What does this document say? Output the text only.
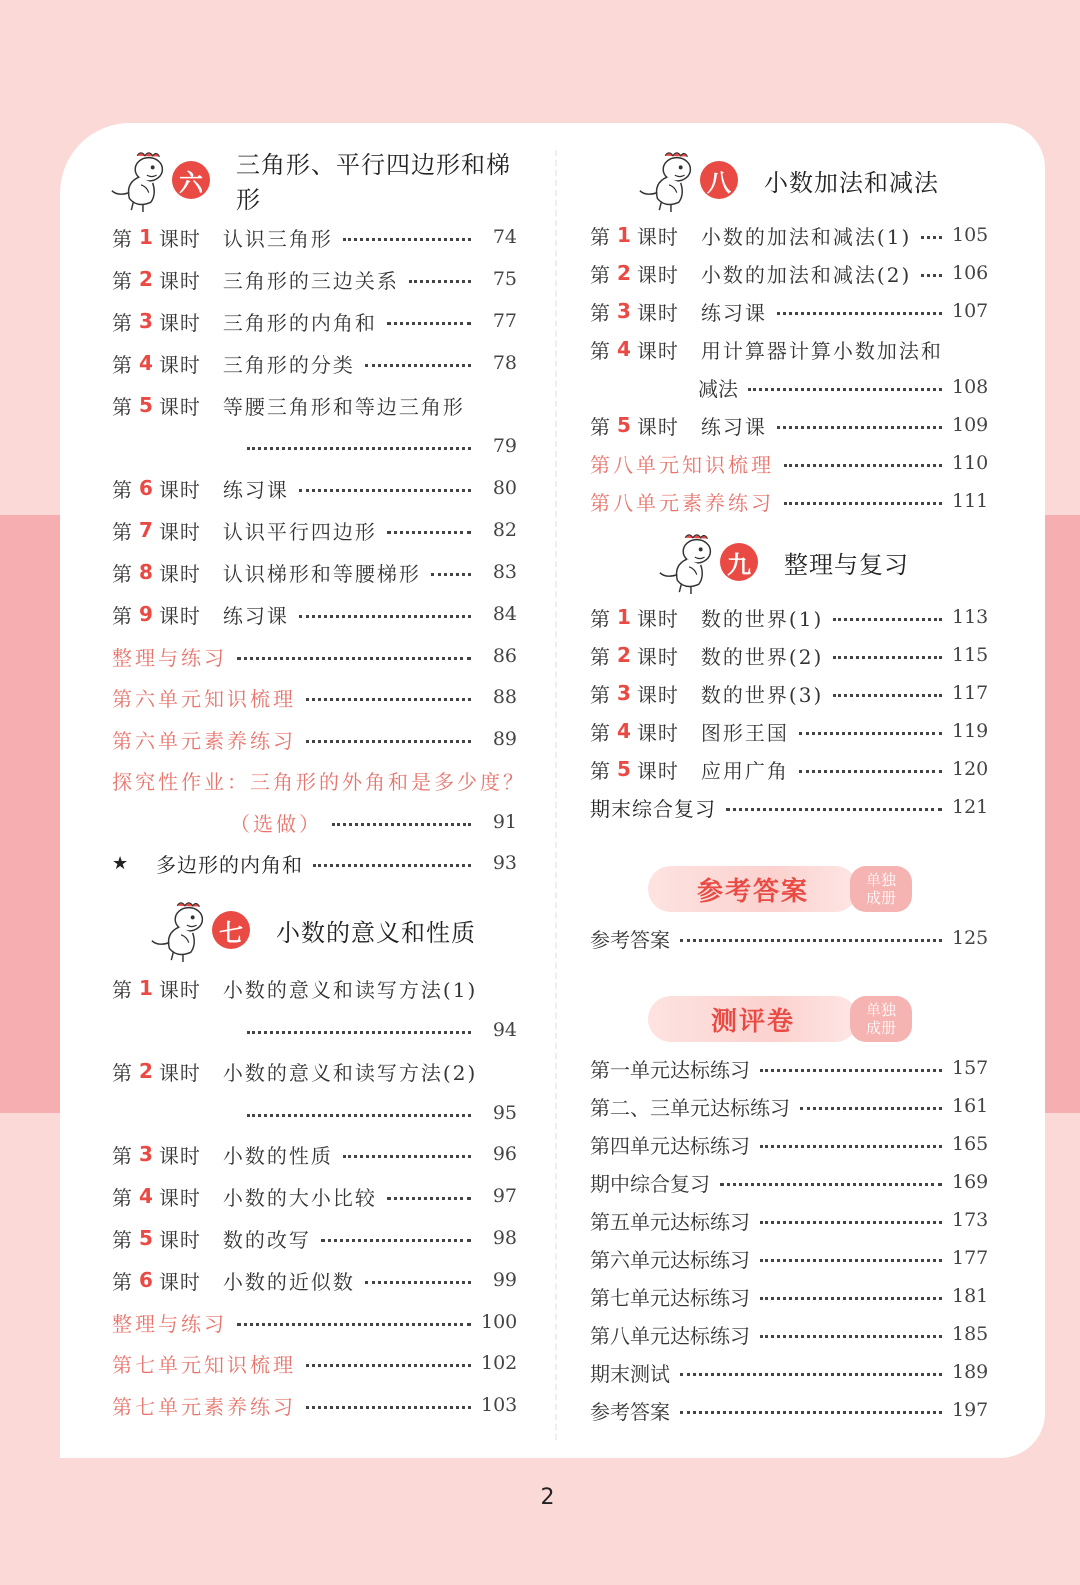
六
三角形、平行四边形和梯形
第 1 课时 认识三角形	74
第 2 课时 三角形的三边关系	75
第 3 课时 三角形的内角和	77
第 4 课时 三角形的分类	78
第 5 课时 等腰三角形和等边三角形
79
第 6 课时 练习课	80
第 7 课时 认识平行四边形	82
第 8 课时 认识梯形和等腰梯形	83
第 9 课时 练习课	84
整理与练习	86
第六单元知识梳理	88
第六单元素养练习	89
探究性作业：三角形的外角和是多少度？
（选做）	91
★	多边形的内角和	93
七 小数的意义和性质
第 1 课时 小数的意义和读写方法(1)
94
第 2 课时 小数的意义和读写方法(2)
95
第 3 课时 小数的性质	96
第 4 课时 小数的大小比较	97
第 5 课时 数的改写	98
第 6 课时 小数的近似数	99
整理与练习	100
第七单元知识梳理	102
第七单元素养练习	103
八 小数加法和减法
第 1 课时 小数的加法和减法(1) 105
第 2 课时 小数的加法和减法(2) 106
第 3 课时 练习课	107
第 4 课时 用计算器计算小数加法和
减法	108
第 5 课时 练习课	109
第八单元知识梳理	110
第八单元素养练习	111
九 整理与复习
第 1 课时 数的世界(1)	113
第 2 课时 数的世界(2)	115
第 3 课时 数的世界(3)	117
第 4 课时 图形王国	119
第 5 课时 应用广角	120
期末综合复习	121
参考答案	单独成册
参考答案	125
测评卷	单独成册
第一单元达标练习	157
第二、三单元达标练习	161
第四单元达标练习	165
期中综合复习	169
第五单元达标练习	173
第六单元达标练习	177
第七单元达标练习	181
第八单元达标练习	185
期末测试	189
参考答案	197
2
